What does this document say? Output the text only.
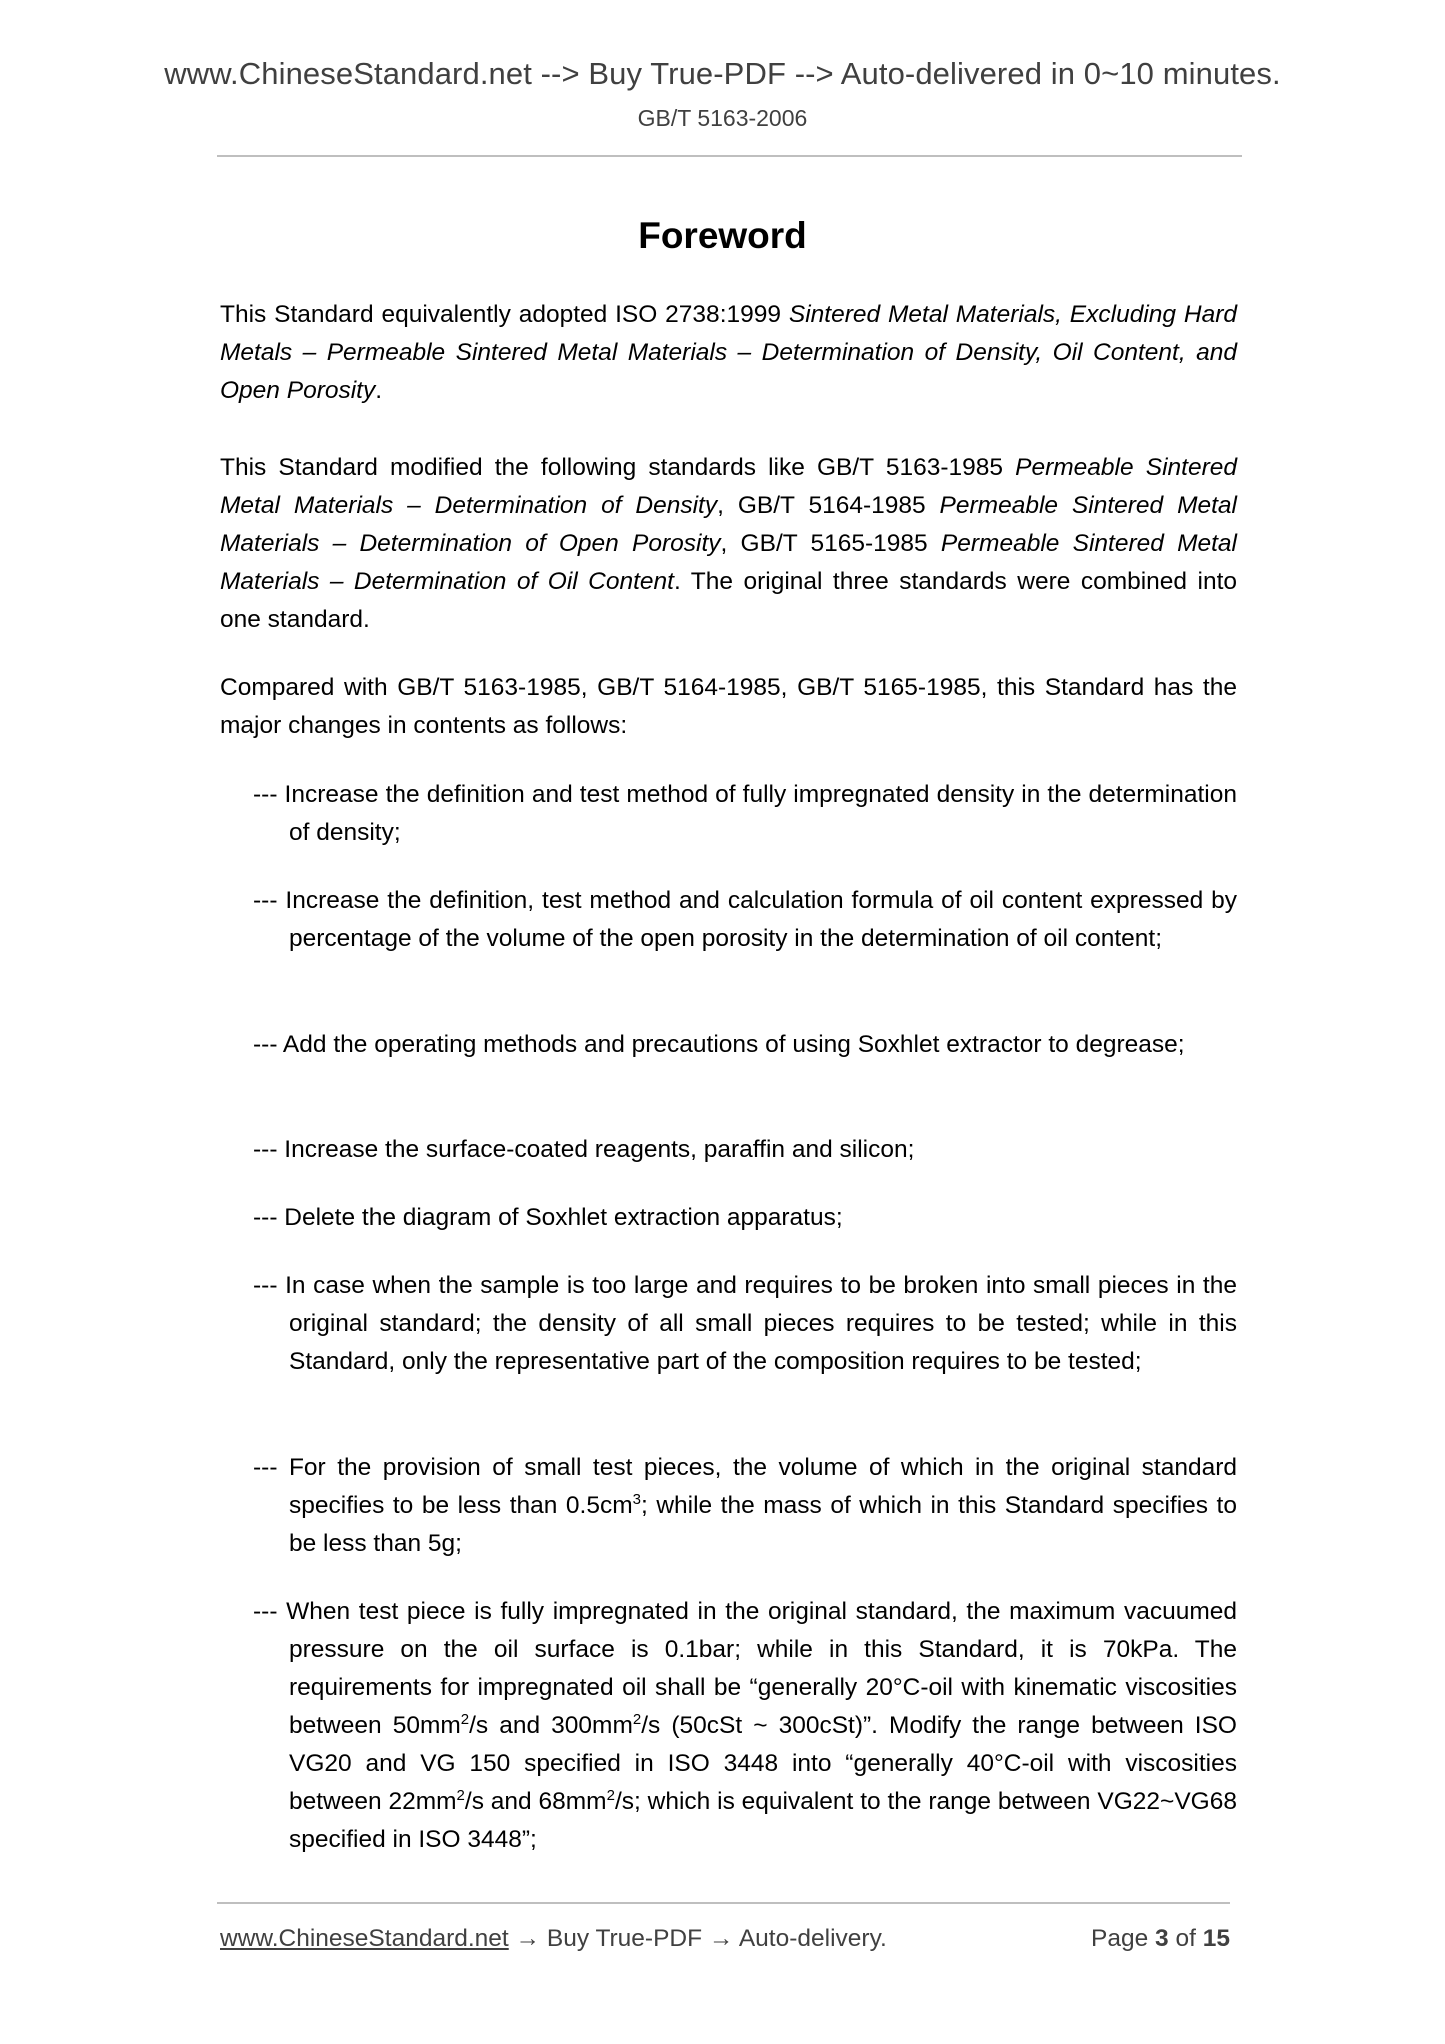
www.ChineseStandard.net --> Buy True-PDF --> Auto-delivered in 0~10 minutes.
GB/T 5163-2006
Foreword

This Standard equivalently adopted ISO 2738:1999 Sintered Metal Materials, Excluding Hard Metals – Permeable Sintered Metal Materials – Determination of Density, Oil Content, and Open Porosity.

This Standard modified the following standards like GB/T 5163-1985 Permeable Sintered Metal Materials – Determination of Density, GB/T 5164-1985 Permeable Sintered Metal Materials – Determination of Open Porosity, GB/T 5165-1985 Permeable Sintered Metal Materials – Determination of Oil Content. The original three standards were combined into one standard.

Compared with GB/T 5163-1985, GB/T 5164-1985, GB/T 5165-1985, this Standard has the major changes in contents as follows:

--- Increase the definition and test method of fully impregnated density in the determination of density;
--- Increase the definition, test method and calculation formula of oil content expressed by percentage of the volume of the open porosity in the determination of oil content;
--- Add the operating methods and precautions of using Soxhlet extractor to degrease;
--- Increase the surface-coated reagents, paraffin and silicon;
--- Delete the diagram of Soxhlet extraction apparatus;
--- In case when the sample is too large and requires to be broken into small pieces in the original standard; the density of all small pieces requires to be tested; while in this Standard, only the representative part of the composition requires to be tested;
--- For the provision of small test pieces, the volume of which in the original standard specifies to be less than $0.5cm^3$; while the mass of which in this Standard specifies to be less than 5g;
--- When test piece is fully impregnated in the original standard, the maximum vacuumed pressure on the oil surface is 0.1bar; while in this Standard, it is 70kPa. The requirements for impregnated oil shall be “generally 20°C-oil with kinematic viscosities between $50mm^2/s$ and $300mm^2/s$ (50cSt ~ 300cSt)”. Modify the range between ISO VG20 and VG 150 specified in ISO 3448 into “generally 40°C-oil with viscosities between $22mm^2/s$ and $68mm^2/s$; which is equivalent to the range between VG22~VG68 specified in ISO 3448”;
www.ChineseStandard.net → Buy True-PDF → Auto-delivery.	Page 3 of 15
